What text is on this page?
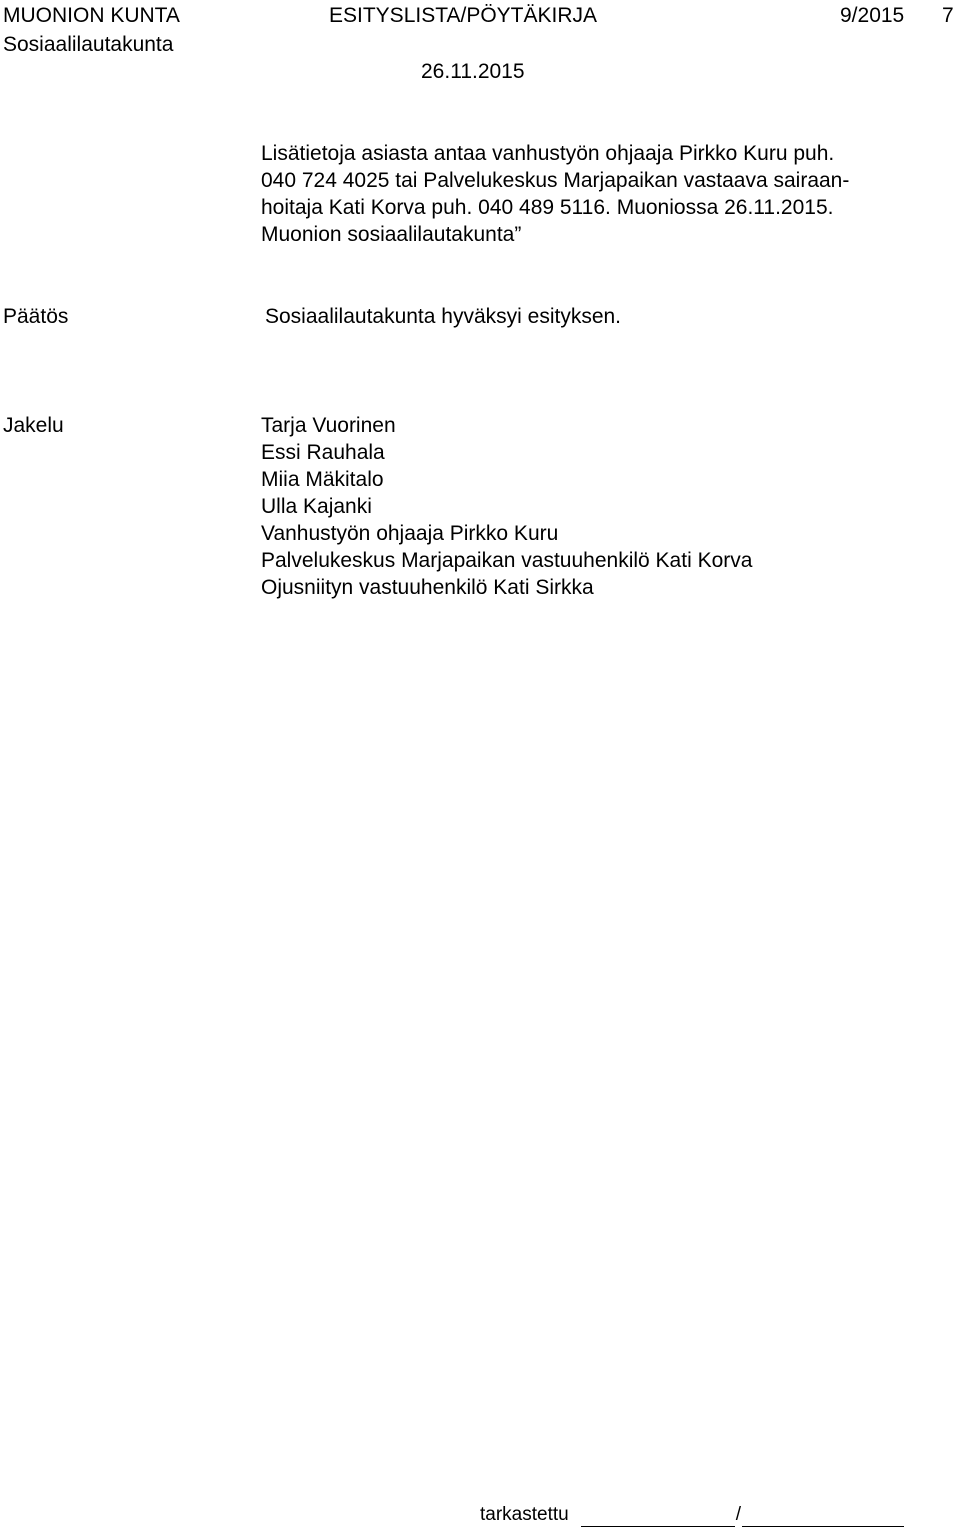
MUONION KUNTA	ESITYSLISTA/PÖYTÄKIRJA	9/2015 7
Sosiaalilautakunta
26.11.2015
Lisätietoja asiasta antaa vanhustyön ohjaaja Pirkko Kuru puh.
040 724 4025 tai Palvelukeskus Marjapaikan vastaava sairaan-
hoitaja Kati Korva puh. 040 489 5116. Muoniossa 26.11.2015.
Muonion sosiaalilautakunta”
Päätös	Sosiaalilautakunta hyväksyi esityksen.
Jakelu	Tarja Vuorinen
Essi Rauhala
Miia Mäkitalo
Ulla Kajanki
Vanhustyön ohjaaja Pirkko Kuru
Palvelukeskus Marjapaikan vastuuhenkilö Kati Korva
Ojusniityn vastuuhenkilö Kati Sirkka
tarkastettu	/
